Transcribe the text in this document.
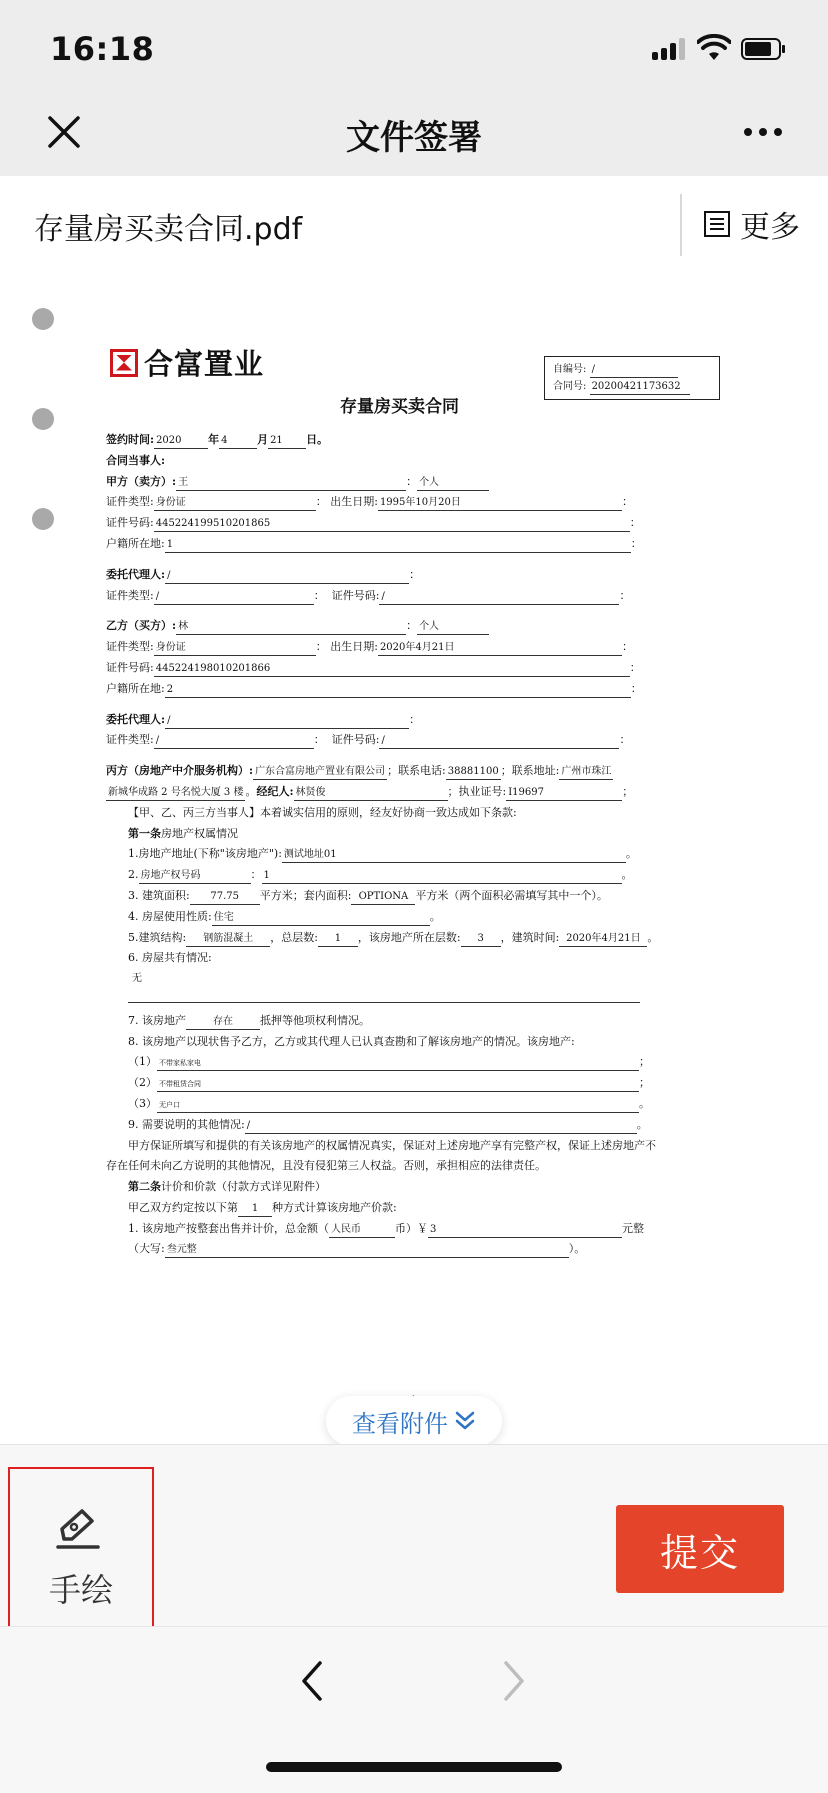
16:18
文件签署
存量房买卖合同.pdf	更多
合富置业	自编号: /
合同号: 20200421173632
存量房买卖合同
签约时间: 2020 年 4	月 21 日。
合同当事人:
甲方（卖方）: 王	： 个人
证件类型: 身份证	： 出生日期: 1995年10月20日	：
证件号码: 445224199510201865	：
户籍所在地: 1	：
委托代理人: /	：
证件类型: /	：  证件号码: /	：
乙方（买方）: 林	： 个人
证件类型: 身份证	： 出生日期: 2020年4月21日	：
证件号码: 445224198010201866	：
户籍所在地: 2	：
委托代理人: /	：
证件类型: /	：  证件号码: /	：
丙方（房地产中介服务机构）: 广东合富房地产置业有限公司 ；联系电话: 38881100 ；联系地址: 广州市珠江
新城华成路 2 号名悦大厦 3 楼 。经纪人: 林贤俊	；执业证号: I19697	；
【甲、乙、丙三方当事人】本着诚实信用的原则，经友好协商一致达成如下条款:
第一条房地产权属情况
1.房地产地址(下称"该房地产"): 测试地址01	。
2. 房地产权号码	： 1	。
3. 建筑面积: 77.75 平方米；套内面积: OPTIONA 平方米（两个面积必需填写其中一个）。
4. 房屋使用性质: 住宅	。
5.建筑结构: 钢筋混凝土 ，总层数: 1 ，该房地产所在层数: 3 ，建筑时间: 2020年4月21日 。
6. 房屋共有情况:
无
7. 该房地产	存在 抵押等他项权利情况。
8. 该房地产以现状售予乙方，乙方或其代理人已认真查勘和了解该房地产的情况。该房地产:
（1） 不带家私家电	；
（2） 不带租赁合同	；
（3） 无户口	。
9. 需要说明的其他情况: /	。
甲方保证所填写和提供的有关该房地产的权属情况真实，保证对上述房地产享有完整产权，保证上述房地产不
存在任何未向乙方说明的其他情况，且没有侵犯第三人权益。否则，承担相应的法律责任。
第二条计价和价款（付款方式详见附件）
甲乙双方约定按以下第 1 种方式计算该房地产价款:
1. 该房地产按整套出售并计价，总金额（ 人民币	币）￥ 3	元整
（大写: 叁元整	）。
查看附件
手绘
提交
